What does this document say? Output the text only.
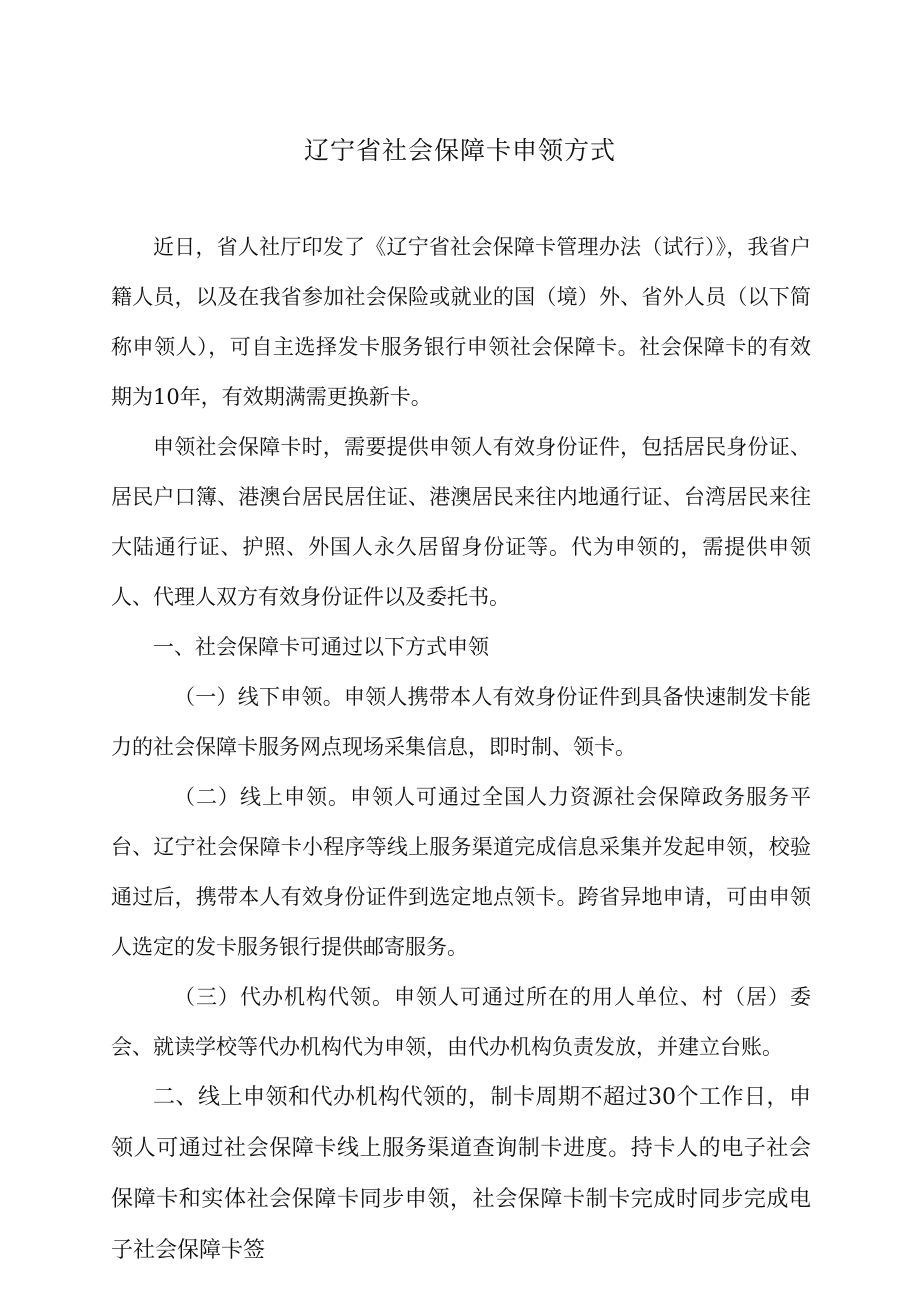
辽宁省社会保障卡申领方式

近日，省人社厅印发了《辽宁省社会保障卡管理办法（试行）》，我省户籍人员，以及在我省参加社会保险或就业的国（境）外、省外人员（以下简称申领人），可自主选择发卡服务银行申领社会保障卡。社会保障卡的有效期为10年，有效期满需更换新卡。

申领社会保障卡时，需要提供申领人有效身份证件，包括居民身份证、居民户口簿、港澳台居民居住证、港澳居民来往内地通行证、台湾居民来往大陆通行证、护照、外国人永久居留身份证等。代为申领的，需提供申领人、代理人双方有效身份证件以及委托书。

一、社会保障卡可通过以下方式申领

（一）线下申领。申领人携带本人有效身份证件到具备快速制发卡能力的社会保障卡服务网点现场采集信息，即时制、领卡。

（二）线上申领。申领人可通过全国人力资源社会保障政务服务平台、辽宁社会保障卡小程序等线上服务渠道完成信息采集并发起申领，校验通过后，携带本人有效身份证件到选定地点领卡。跨省异地申请，可由申领人选定的发卡服务银行提供邮寄服务。

（三）代办机构代领。申领人可通过所在的用人单位、村（居）委会、就读学校等代办机构代为申领，由代办机构负责发放，并建立台账。

二、线上申领和代办机构代领的，制卡周期不超过30个工作日，申领人可通过社会保障卡线上服务渠道查询制卡进度。持卡人的电子社会保障卡和实体社会保障卡同步申领，社会保障卡制卡完成时同步完成电子社会保障卡签
